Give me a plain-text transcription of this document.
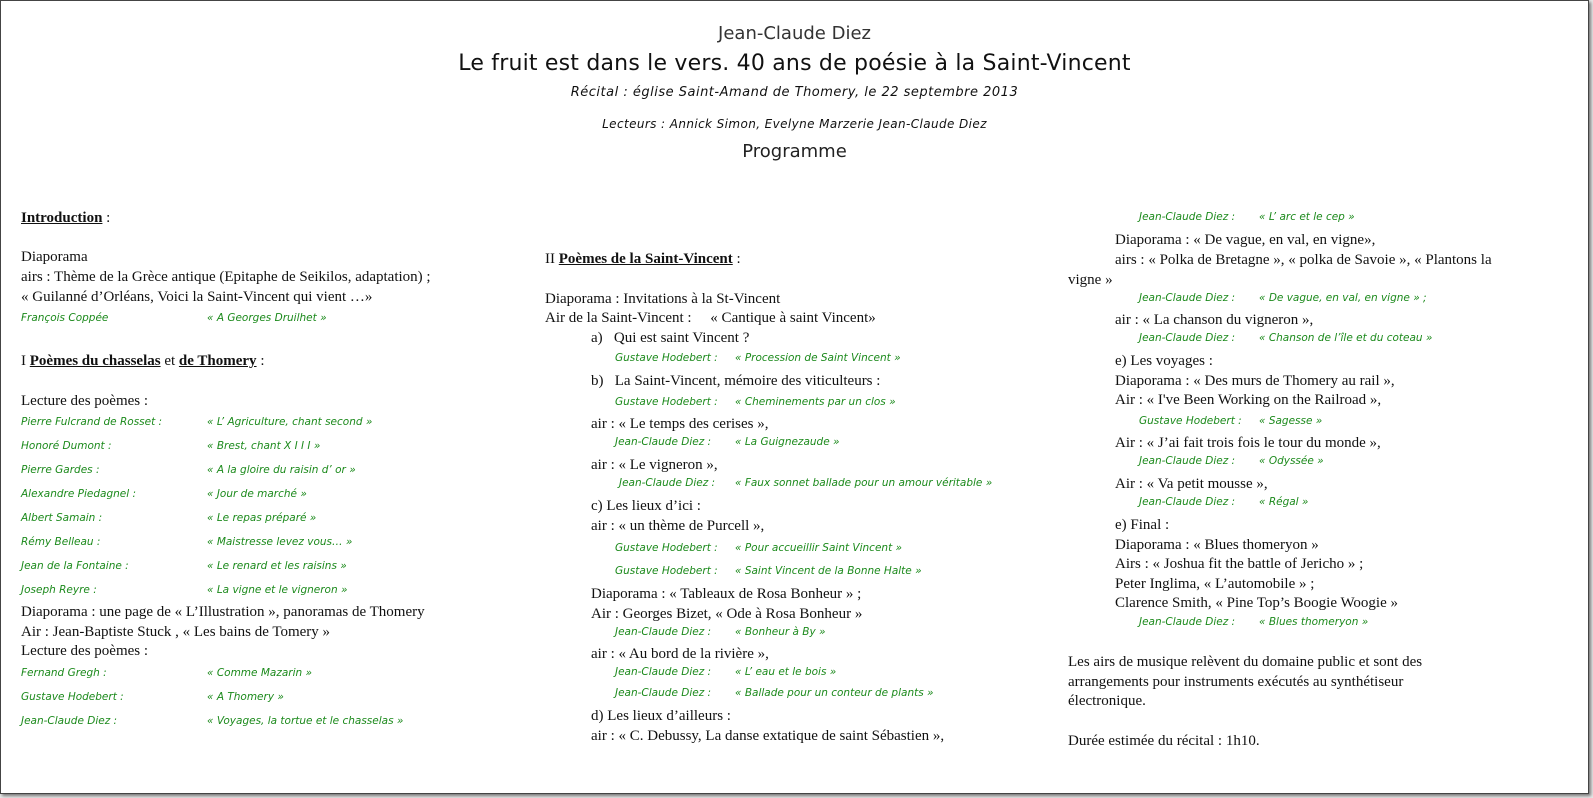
Jean-Claude Diez
Le fruit est dans le vers. 40 ans de poésie à la Saint-Vincent
Récital : église Saint-Amand de Thomery, le 22 septembre 2013
Lecteurs : Annick Simon, Evelyne Marzerie Jean-Claude Diez
Programme
Introduction :
Diaporama
airs : Thème de la Grèce antique (Epitaphe de Seikilos, adaptation) ;
« Guilanné d’Orléans, Voici la Saint-Vincent qui vient …»
François Coppée	« A Georges Druilhet »
I Poèmes du chasselas et de Thomery :
Lecture des poèmes :
Pierre Fulcrand de Rosset :	« L’ Agriculture, chant second »
Honoré Dumont :	« Brest, chant X I I I »
Pierre Gardes :	« A la gloire du raisin d’ or »
Alexandre Piedagnel :	« Jour de marché »
Albert Samain :	« Le repas préparé »
Rémy Belleau :	« Maistresse levez vous… »
Jean de la Fontaine :	« Le renard et les raisins »
Joseph Reyre :	« La vigne et le vigneron »
Diaporama : une page de « L’Illustration », panoramas de Thomery
Air : Jean-Baptiste Stuck , « Les bains de Tomery »
Lecture des poèmes :
Fernand Gregh :	« Comme Mazarin »
Gustave Hodebert :	« A Thomery »
Jean-Claude Diez :	« Voyages, la tortue et le chasselas »
II Poèmes de la Saint-Vincent :
Diaporama : Invitations à la St-Vincent
Air de la Saint-Vincent :     « Cantique à saint Vincent»
a)   Qui est saint Vincent ?
Gustave Hodebert : « Procession de Saint Vincent »
b)   La Saint-Vincent, mémoire des viticulteurs :
Gustave Hodebert : « Cheminements par un clos »
air : « Le temps des cerises »,
Jean-Claude Diez : « La Guignezaude »
air : « Le vigneron »,
Jean-Claude Diez : « Faux sonnet ballade pour un amour véritable »
c) Les lieux d’ici :
air : « un thème de Purcell »,
Gustave Hodebert : « Pour accueillir Saint Vincent »
Gustave Hodebert : « Saint Vincent de la Bonne Halte »
Diaporama : « Tableaux de Rosa Bonheur » ;
Air : Georges Bizet, « Ode à Rosa Bonheur »
Jean-Claude Diez : « Bonheur à By »
air : « Au bord de la rivière »,
Jean-Claude Diez : « L’ eau et le bois »
Jean-Claude Diez : « Ballade pour un conteur de plants »
d) Les lieux d’ailleurs :
air : « C. Debussy, La danse extatique de saint Sébastien »,
Jean-Claude Diez : « L’ arc et le cep »
Diaporama : « De vague, en val, en vigne»,
airs : « Polka de Bretagne », « polka de Savoie », « Plantons la
vigne »
Jean-Claude Diez : « De vague, en val, en vigne » ;
air : « La chanson du vigneron »,
Jean-Claude Diez : « Chanson de l’île et du coteau »
e) Les voyages :
Diaporama : « Des murs de Thomery au rail »,
Air : « I've Been Working on the Railroad »,
Gustave Hodebert : « Sagesse »
Air : « J’ai fait trois fois le tour du monde »,
Jean-Claude Diez : « Odyssée »
Air : « Va petit mousse »,
Jean-Claude Diez : « Régal »
e) Final :
Diaporama : « Blues thomeryon »
Airs : « Joshua fit the battle of Jericho » ;
Peter Inglima, « L’automobile » ;
Clarence Smith, « Pine Top’s Boogie Woogie »
Jean-Claude Diez : « Blues thomeryon »
Les airs de musique relèvent du domaine public et sont des
arrangements pour instruments exécutés au synthétiseur
électronique.
Durée estimée du récital : 1h10.
